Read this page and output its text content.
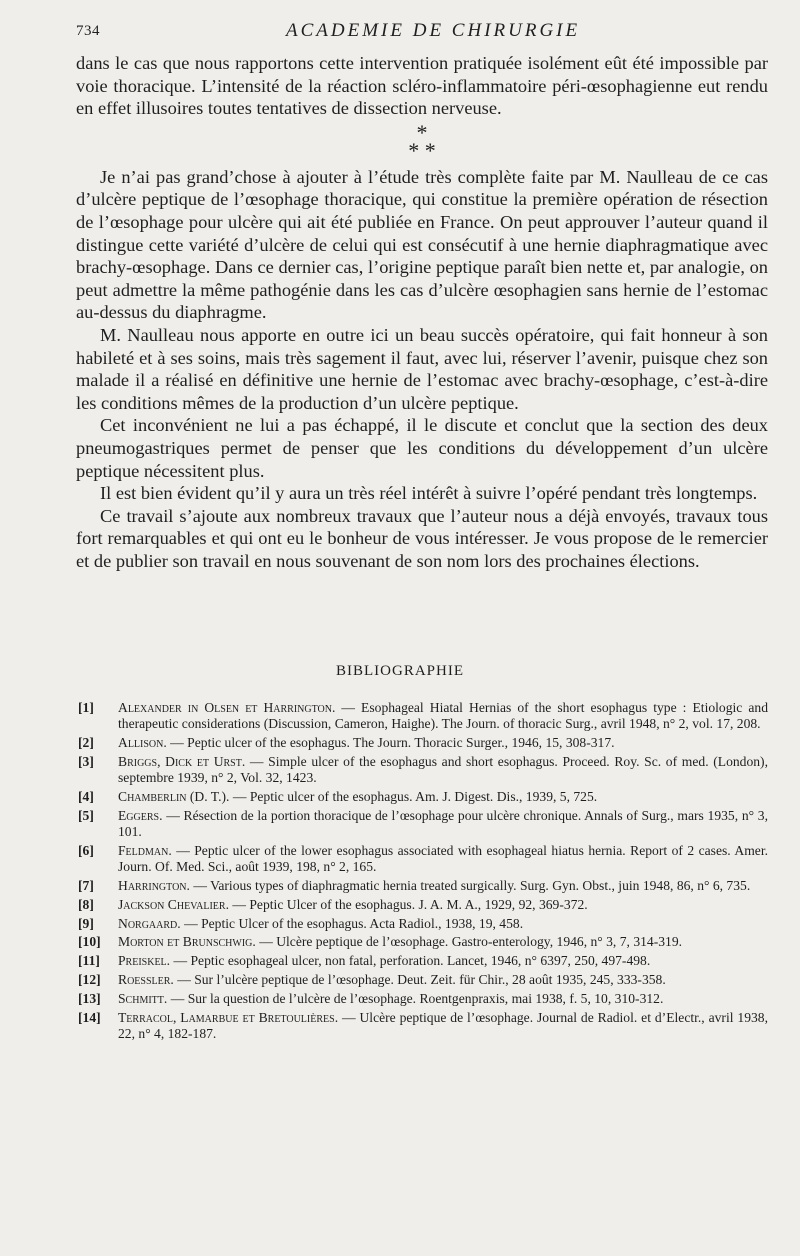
734	ACADEMIE DE CHIRURGIE

dans le cas que nous rapportons cette intervention pratiquée isolément eût été impossible par voie thoracique. L’intensité de la réaction scléro-inflammatoire péri-œsophagienne eut rendu en effet illusoires toutes tentatives de dissection nerveuse.

*
* *

Je n’ai pas grand’chose à ajouter à l’étude très complète faite par M. Naulleau de ce cas d’ulcère peptique de l’œsophage thoracique, qui constitue la première opération de résection de l’œsophage pour ulcère qui ait été publiée en France. On peut approuver l’auteur quand il distingue cette variété d’ulcère de celui qui est consécutif à une hernie diaphragmatique avec brachy-œsophage. Dans ce dernier cas, l’origine peptique paraît bien nette et, par analogie, on peut admettre la même pathogénie dans les cas d’ulcère œsophagien sans hernie de l’estomac au-dessus du diaphragme.

M. Naulleau nous apporte en outre ici un beau succès opératoire, qui fait honneur à son habileté et à ses soins, mais très sagement il faut, avec lui, réserver l’avenir, puisque chez son malade il a réalisé en définitive une hernie de l’estomac avec brachy-œsophage, c’est-à-dire les conditions mêmes de la production d’un ulcère peptique.

Cet inconvénient ne lui a pas échappé, il le discute et conclut que la section des deux pneumogastriques permet de penser que les conditions du développement d’un ulcère peptique nécessitent plus.

Il est bien évident qu’il y aura un très réel intérêt à suivre l’opéré pendant très longtemps.

Ce travail s’ajoute aux nombreux travaux que l’auteur nous a déjà envoyés, travaux tous fort remarquables et qui ont eu le bonheur de vous intéresser. Je vous propose de le remercier et de publier son travail en nous souvenant de son nom lors des prochaines élections.

BIBLIOGRAPHIE
[1] Alexander in Olsen et Harrington. — Esophageal Hiatal Hernias of the short esophagus type : Etiologic and therapeutic considerations (Discussion, Cameron, Haighe). The Journ. of thoracic Surg., avril 1948, n° 2, vol. 17, 208.
[2] Allison. — Peptic ulcer of the esophagus. The Journ. Thoracic Surger., 1946, 15, 308-317.
[3] Briggs, Dick et Urst. — Simple ulcer of the esophagus and short esophagus. Proceed. Roy. Sc. of med. (London), septembre 1939, n° 2, Vol. 32, 1423.
[4] Chamberlin (D. T.). — Peptic ulcer of the esophagus. Am. J. Digest. Dis., 1939, 5, 725.
[5] Eggers. — Résection de la portion thoracique de l’œsophage pour ulcère chronique. Annals of Surg., mars 1935, n° 3, 101.
[6] Feldman. — Peptic ulcer of the lower esophagus associated with esophageal hiatus hernia. Report of 2 cases. Amer. Journ. Of. Med. Sci., août 1939, 198, n° 2, 165.
[7] Harrington. — Various types of diaphragmatic hernia treated surgically. Surg. Gyn. Obst., juin 1948, 86, n° 6, 735.
[8] Jackson Chevalier. — Peptic Ulcer of the esophagus. J. A. M. A., 1929, 92, 369-372.
[9] Norgaard. — Peptic Ulcer of the esophagus. Acta Radiol., 1938, 19, 458.
[10] Morton et Brunschwig. — Ulcère peptique de l’œsophage. Gastro-enterology, 1946, n° 3, 7, 314-319.
[11] Preiskel. — Peptic esophageal ulcer, non fatal, perforation. Lancet, 1946, n° 6397, 250, 497-498.
[12] Roessler. — Sur l’ulcère peptique de l’œsophage. Deut. Zeit. für Chir., 28 août 1935, 245, 333-358.
[13] Schmitt. — Sur la question de l’ulcère de l’œsophage. Roentgenpraxis, mai 1938, f. 5, 10, 310-312.
[14] Terracol, Lamarbue et Bretoulières. — Ulcère peptique de l’œsophage. Journal de Radiol. et d’Electr., avril 1938, 22, n° 4, 182-187.
